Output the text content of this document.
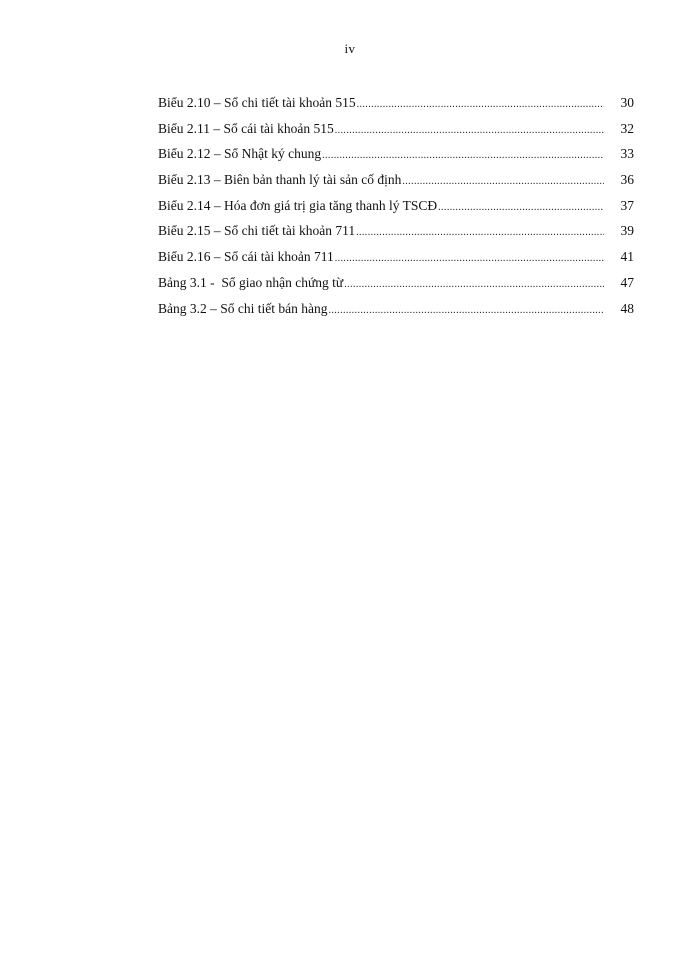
iv
Biểu 2.10 – Sổ chi tiết tài khoản 515 .....	30
Biểu 2.11 – Sổ cái tài khoản 515 .....	32
Biểu 2.12 – Sổ Nhật ký chung .....	33
Biểu 2.13 – Biên bản thanh lý tài sản cố định .....	36
Biểu 2.14 – Hóa đơn giá trị gia tăng thanh lý TSCĐ .....	37
Biểu 2.15 – Sổ chi tiết tài khoản 711 .....	39
Biểu 2.16 – Sổ cái tài khoản 711 .....	41
Bảng 3.1 -  Sổ giao nhận chứng từ .....	47
Bảng 3.2 – Sổ chi tiết bán hàng .....	48
